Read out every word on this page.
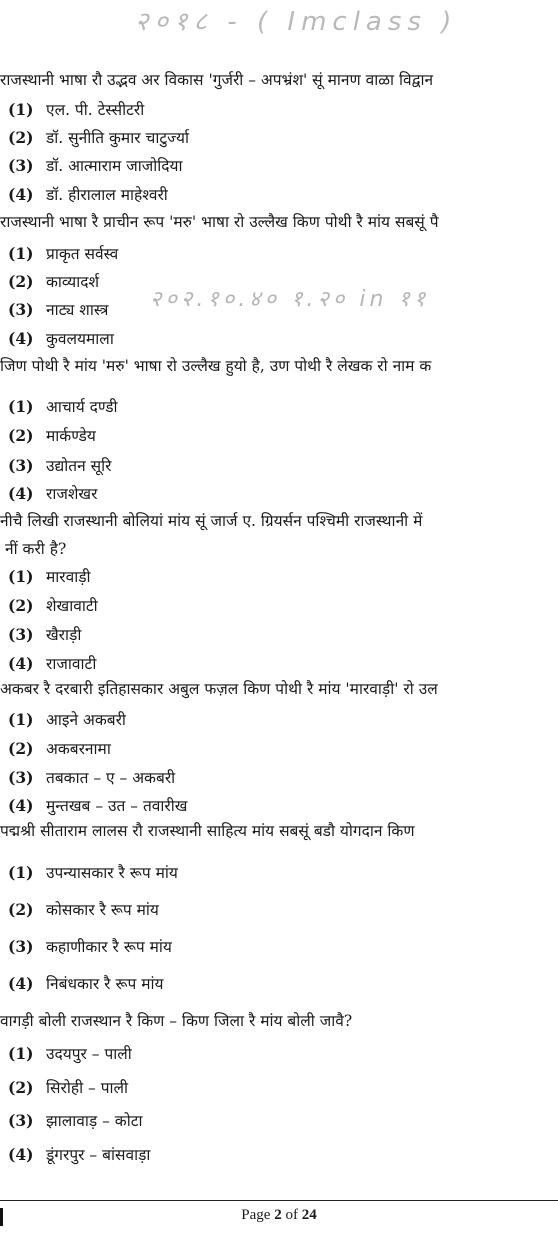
२०१८ - ( Imclass )
राजस्थानी भाषा रौ उद्भव अर विकास 'गुर्जरी – अपभ्रंश' सूं मानण वाळा विद्वान
(1) एल. पी. टेस्सीटरी
(2) डॉ. सुनीति कुमार चाटुर्ज्या
(3) डॉ. आत्माराम जाजोदिया
(4) डॉ. हीरालाल माहेश्वरी
राजस्थानी भाषा रै प्राचीन रूप 'मरु' भाषा रो उल्लैख किण पोथी रै मांय सबसूं पै
(1) प्राकृत सर्वस्व
(2) काव्यादर्श
(3) नाट्य शास्त्र
(4) कुवलयमाला
२०२.१०.४० १.२० in ११
जिण पोथी रै मांय 'मरु' भाषा रो उल्लैख हुयो है, उण पोथी रै लेखक रो नाम क
(1) आचार्य दण्डी
(2) मार्कण्डेय
(3) उद्योतन सूरि
(4) राजशेखर
नीचै लिखी राजस्थानी बोलियां मांय सूं जार्ज ए. ग्रियर्सन पश्चिमी राजस्थानी में
नीं करी है?
(1) मारवाड़ी
(2) शेखावाटी
(3) खैराड़ी
(4) राजावाटी
अकबर रै दरबारी इतिहासकार अबुल फज़ल किण पोथी रै मांय 'मारवाड़ी' रो उल
(1) आइने अकबरी
(2) अकबरनामा
(3) तबकात – ए – अकबरी
(4) मुन्तखब – उत – तवारीख
पद्मश्री सीताराम लालस रौ राजस्थानी साहित्य मांय सबसूं बडौ योगदान किण
(1) उपन्यासकार रै रूप मांय
(2) कोसकार रै रूप मांय
(3) कहाणीकार रै रूप मांय
(4) निबंधकार रै रूप मांय
वागड़ी बोली राजस्थान रै किण – किण जिला रै मांय बोली जावै?
(1) उदयपुर – पाली
(2) सिरोही – पाली
(3) झालावाड़ – कोटा
(4) डूंगरपुर – बांसवाड़ा
Page 2 of 24
